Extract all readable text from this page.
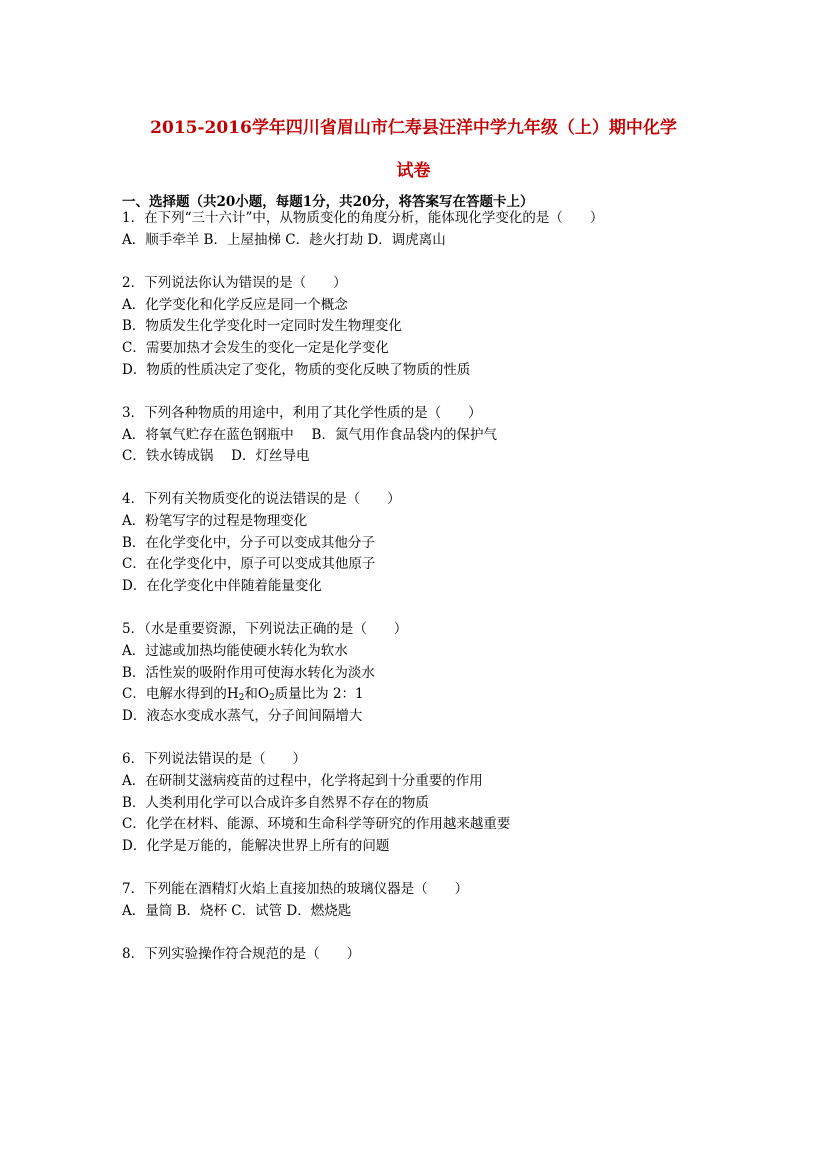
2015-2016学年四川省眉山市仁寿县汪洋中学九年级（上）期中化学
试卷
一、选择题（共20小题，每题1分，共20分，将答案写在答题卡上）
1．在下列“三十六计”中，从物质变化的角度分析，能体现化学变化的是（　　）
A．顺手牵羊 B．上屋抽梯 C．趁火打劫 D．调虎离山
2．下列说法你认为错误的是（　　）
A．化学变化和化学反应是同一个概念
B．物质发生化学变化时一定同时发生物理变化
C．需要加热才会发生的变化一定是化学变化
D．物质的性质决定了变化，物质的变化反映了物质的性质
3．下列各种物质的用途中，利用了其化学性质的是（　　）
A．将氧气贮存在蓝色钢瓶中　 B．氮气用作食品袋内的保护气
C．铁水铸成锅　 D．灯丝导电
4．下列有关物质变化的说法错误的是（　　）
A．粉笔写字的过程是物理变化
B．在化学变化中，分子可以变成其他分子
C．在化学变化中，原子可以变成其他原子
D．在化学变化中伴随着能量变化
5．（水是重要资源，下列说法正确的是（　　）
A．过滤或加热均能使硬水转化为软水
B．活性炭的吸附作用可使海水转化为淡水
C．电解水得到的$H_2$和$O_2$质量比为 2：1
D．液态水变成水蒸气，分子间间隔增大
6．下列说法错误的是（　　）
A．在研制艾滋病疫苗的过程中，化学将起到十分重要的作用
B．人类利用化学可以合成许多自然界不存在的物质
C．化学在材料、能源、环境和生命科学等研究的作用越来越重要
D．化学是万能的，能解决世界上所有的问题
7．下列能在酒精灯火焰上直接加热的玻璃仪器是（　　）
A．量筒 B．烧杯 C．试管 D．燃烧匙
8．下列实验操作符合规范的是（　　）
